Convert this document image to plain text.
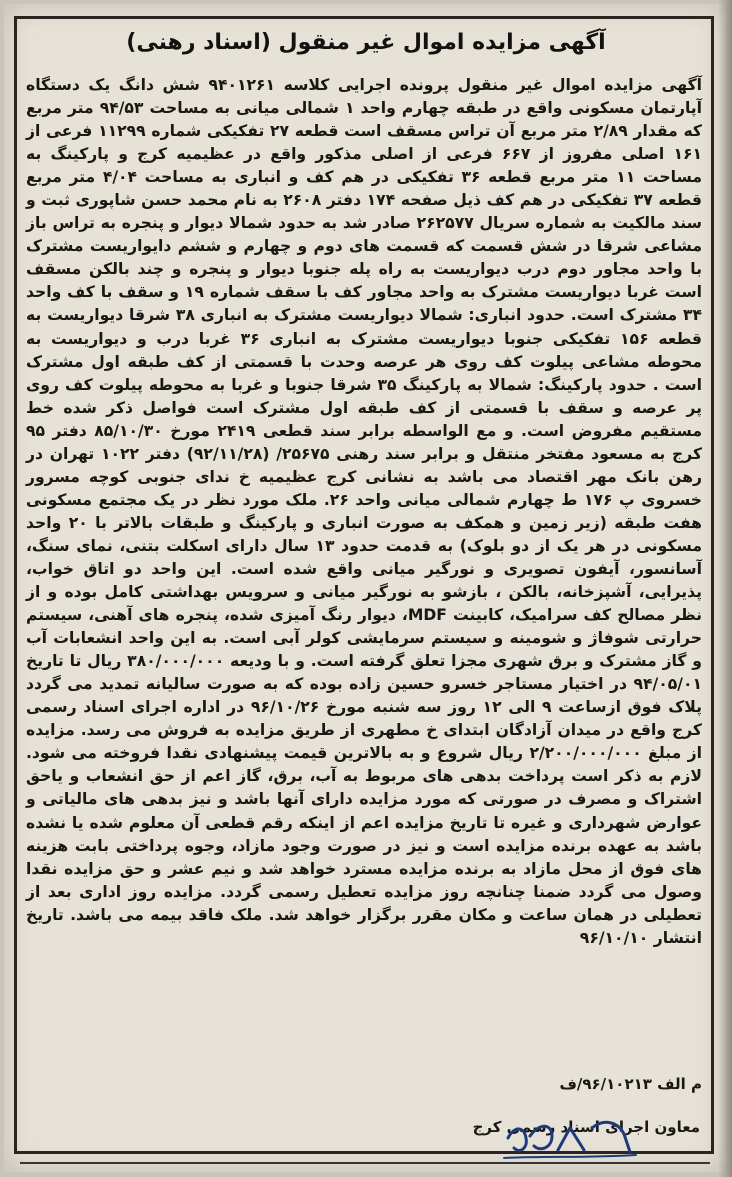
آگهی مزایده اموال غیر منقول (اسناد رهنی)
آگهی مزایده اموال غیر منقول پرونده اجرایی کلاسه ۹۴۰۱۲۶۱ شش دانگ یک دستگاه آپارتمان مسکونی واقع در طبقه چهارم واحد ۱ شمالی میانی به مساحت ۹۴/۵۳ متر مربع که مقدار ۲/۸۹ متر مربع آن تراس مسقف است قطعه ۲۷ تفکیکی شماره ۱۱۲۹۹ فرعی از ۱۶۱ اصلی مفروز از ۶۶۷ فرعی از اصلی مذکور واقع در عظیمیه کرج و پارکینگ به مساحت ۱۱ متر مربع قطعه ۳۶ تفکیکی در هم کف و انباری به مساحت ۴/۰۴ متر مربع قطعه ۳۷ تفکیکی در هم کف ذیل صفحه ۱۷۴ دفتر ۲۶۰۸ به نام محمد حسن شاپوری ثبت و سند مالکیت به شماره سریال ۲۶۲۵۷۷ صادر شد به حدود شمالا دیوار و پنجره به تراس باز مشاعی شرقا در شش قسمت که قسمت های دوم و چهارم و ششم دایواریست مشترک با واحد مجاور دوم درب دیواریست به راه پله جنوبا دیوار و پنجره و چند بالکن مسقف است غربا دیواریست مشترک به واحد مجاور کف با سقف شماره ۱۹ و سقف با کف واحد ۳۴ مشترک است. حدود انباری: شمالا دیواریست مشترک به انباری ۳۸ شرقا دیواریست به قطعه ۱۵۶ تفکیکی جنوبا دیواریست مشترک به انباری ۳۶ غربا درب و دیواریست به محوطه مشاعی پیلوت کف روی هر عرصه وحدت با قسمتی از کف طبقه اول مشترک است . حدود پارکینگ: شمالا به پارکینگ ۳۵ شرقا جنوبا و غربا به محوطه پیلوت کف روی پر عرصه و سقف با قسمتی از کف طبقه اول مشترک است فواصل ذکر شده خط مستقیم مفروض است. و مع الواسطه برابر سند قطعی ۲۴۱۹ مورخ ۸۵/۱۰/۳۰ دفتر ۹۵ کرج به مسعود مفتخر منتقل و برابر سند رهنی ۲۵۶۷۵/ (۹۲/۱۱/۲۸) دفتر ۱۰۲۲ تهران در رهن بانک مهر اقتصاد می باشد به نشانی کرج عظیمیه خ ندای جنوبی کوچه مسرور خسروی پ ۱۷۶ ط چهارم شمالی میانی واحد ۲۶. ملک مورد نظر در یک مجتمع مسکونی هفت طبقه (زیر زمین و همکف به صورت انباری و پارکینگ و طبقات بالاتر با ۲۰ واحد مسکونی در هر یک از دو بلوک) به قدمت حدود ۱۳ سال دارای اسکلت بتنی، نمای سنگ، آسانسور، آیفون تصویری و نورگیر میانی واقع شده است. این واحد دو اتاق خواب، پذیرایی، آشپزخانه، بالکن ، بازشو به نورگیر میانی و سرویس بهداشتی کامل بوده و از نظر مصالح کف سرامیک، کابینت MDF، دیوار رنگ آمیزی شده، پنجره های آهنی، سیستم حرارتی شوفاژ و شومینه و سیستم سرمایشی کولر آبی است. به این واحد انشعابات آب و گاز مشترک و برق شهری مجزا تعلق گرفته است. و با ودیعه ۳۸۰/۰۰۰/۰۰۰ ریال تا تاریخ ۹۴/۰۵/۰۱ در اختیار مستاجر خسرو حسین زاده بوده که به صورت سالیانه تمدید می گردد پلاک فوق ازساعت ۹ الی ۱۲ روز سه شنبه مورخ ۹۶/۱۰/۲۶ در اداره اجرای اسناد رسمی کرج واقع در میدان آزادگان ابتدای خ مطهری از طریق مزایده به فروش می رسد. مزایده از مبلغ ۲/۲۰۰/۰۰۰/۰۰۰ ریال شروع و به بالاترین قیمت پیشنهادی نقدا فروخته می شود. لازم به ذکر است پرداخت بدهی های مربوط به آب، برق، گاز اعم از حق انشعاب و یاحق اشتراک و مصرف در صورتی که مورد مزایده دارای آنها باشد و نیز بدهی های مالیاتی و عوارض شهرداری و غیره تا تاریخ مزایده اعم از اینکه رقم قطعی آن معلوم شده یا نشده باشد به عهده برنده مزایده است و نیز در صورت وجود مازاد، وجوه پرداختی بابت هزینه های فوق از محل مازاد به برنده مزایده مسترد خواهد شد و نیم عشر و حق مزایده نقدا وصول می گردد ضمنا چنانچه روز مزایده تعطیل رسمی گردد. مزایده روز اداری بعد از تعطیلی در همان ساعت و مکان مقرر برگزار خواهد شد. ملک فاقد بیمه می باشد. تاریخ انتشار ۹۶/۱۰/۱۰
م الف ۹۶/۱۰۲۱۳/ف
معاون اجرای اسناد رسمی کرج
